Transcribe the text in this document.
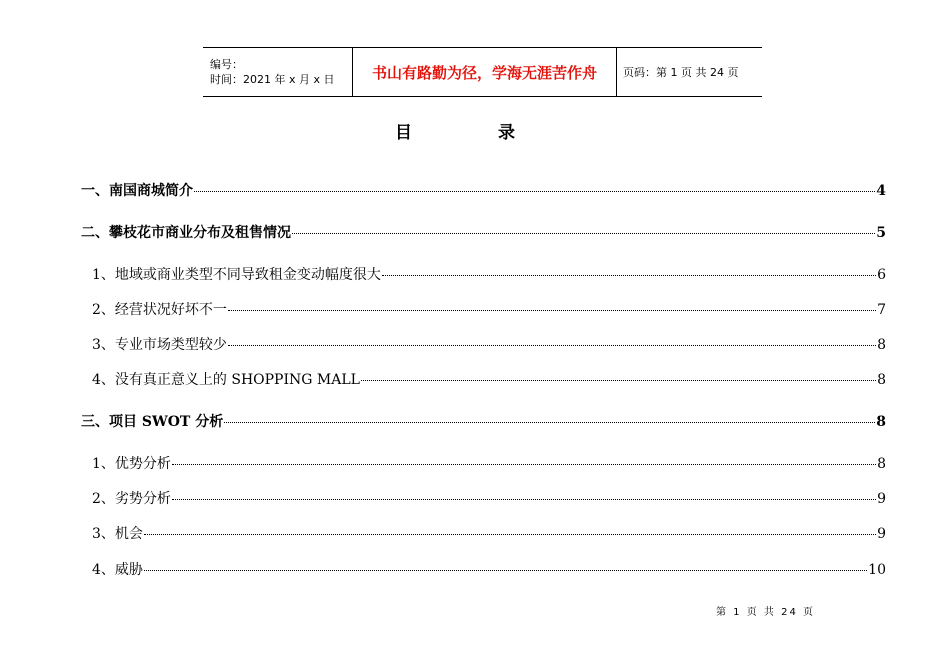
编号：
时间：2021 年 x 月 x 日	书山有路勤为径，学海无涯苦作舟 页码：第 1 页 共 24 页
目 录
一、南国商城简介	4
二、攀枝花市商业分布及租售情况	5
1、地域或商业类型不同导致租金变动幅度很大	6
2、经营状况好坏不一	7
3、专业市场类型较少	8
4、没有真正意义上的 SHOPPING MALL	8
三、项目 SWOT 分析	8
1、优势分析	8
2、劣势分析	9
3、机会	9
4、威胁	10
第 1 页 共 24 页
